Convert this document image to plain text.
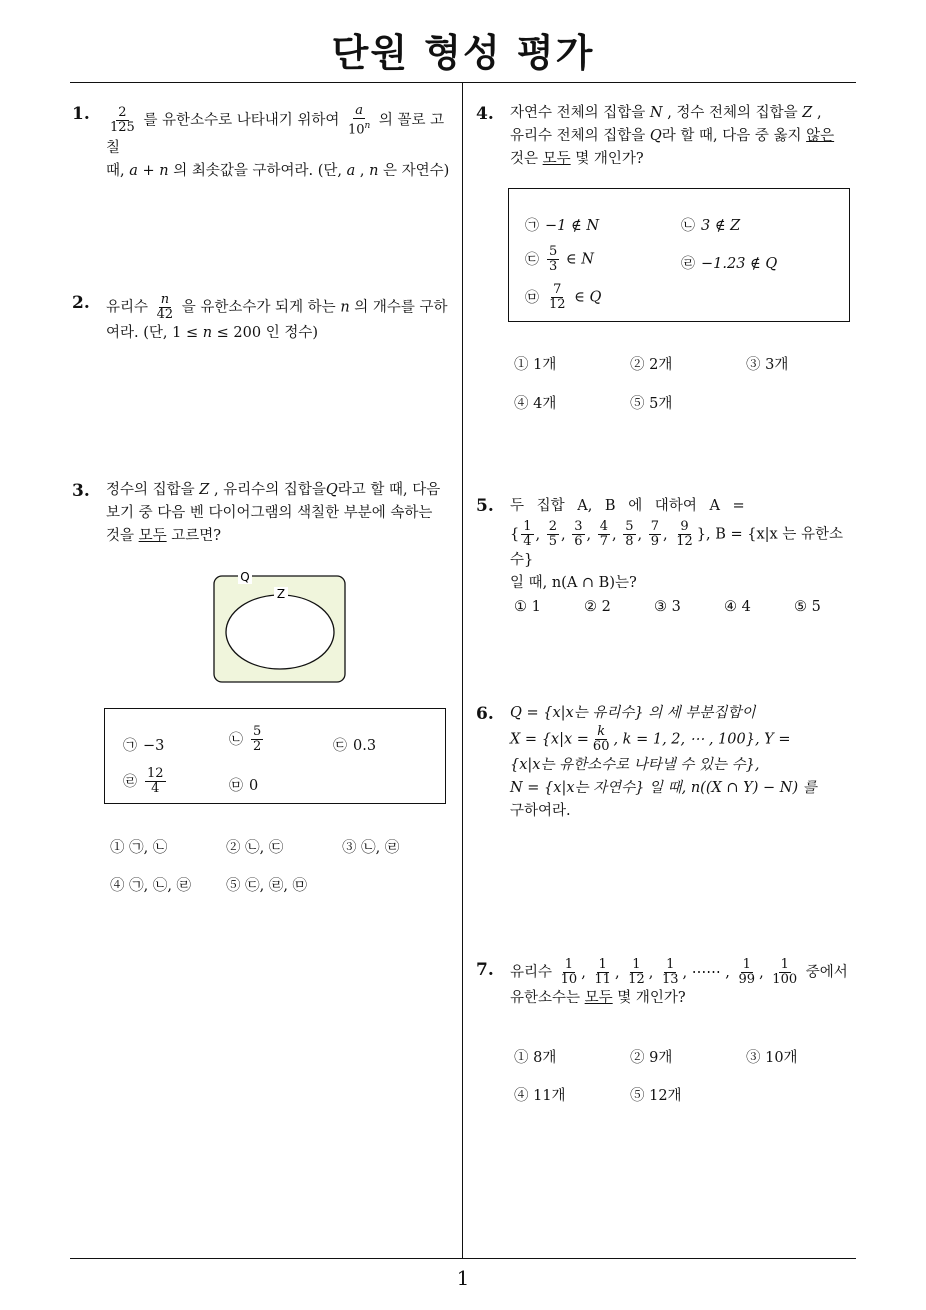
단원 형성 평가
1
1. $\frac{2}{125}$ 를 유한소수로 나타내기 위하여 $\frac{a}{10^n}$ 의 꼴로 고칠
때, a + n 의 최솟값을 구하여라. (단, a , n 은 자연수)
2. 유리수 $\frac{n}{42}$ 을 유한소수가 되게 하는 n 의 개수를 구하
여라. (단, 1 ≤ n ≤ 200 인 정수)
3. 정수의 집합을 Z , 유리수의 집합을Q라고 할 때, 다음
보기 중 다음 벤 다이어그램의 색칠한 부분에 속하는
것을 모두 고르면?
Q
Z
㉠ −3	㉡ $\frac{5}{2}$	㉢ 0.3
㉣ $\frac{12}{4}$	㉤ 0
① ㉠, ㉡	② ㉡, ㉢	③ ㉡, ㉣
④ ㉠, ㉡, ㉣ ⑤ ㉢, ㉣, ㉤
4. 자연수 전체의 집합을 N , 정수 전체의 집합을 Z ,
유리수 전체의 집합을 Q라 할 때, 다음 중 옳지 않은
것은 모두 몇 개인가?
㉠ −1 ∉ N	㉡ 3 ∉ Z
㉢ $\frac{5}{3}$ ∈ N	㉣ −1.23 ∉ Q
㉤ $\frac{7}{12}$ ∈ Q
① 1개	② 2개	③ 3개
④ 4개	⑤ 5개
5. 두 집합 A, B 에 대하여 A =
{ $\frac{1}{4}$ , $\frac{2}{5}$ , $\frac{3}{6}$ , $\frac{4}{7}$ , $\frac{5}{8}$ , $\frac{7}{9}$ , $\frac{9}{12}$ }, B = {x|x 는 유한소수}
일 때, n(A ∩ B)는?
① 1	② 2	③ 3	④ 4	⑤ 5
6. Q = {x|x는 유리수} 의 세 부분집합이
$X = \{x|x = \frac{k}{60}$ , k = 1, 2, ⋯ , 100}, Y =
{x|x는 유한소수로 나타낼 수 있는 수},
N = {x|x는 자연수} 일 때, n((X ∩ Y) − N) 를
구하여라.
7. 유리수 $\frac{1}{10}$ , $\frac{1}{11}$ , $\frac{1}{12}$ , $\frac{1}{13}$ , ⋯⋯ , $\frac{1}{99}$ , $\frac{1}{100}$ 중에서
유한소수는 모두 몇 개인가?
① 8개	② 9개	③ 10개
④ 11개	⑤ 12개
